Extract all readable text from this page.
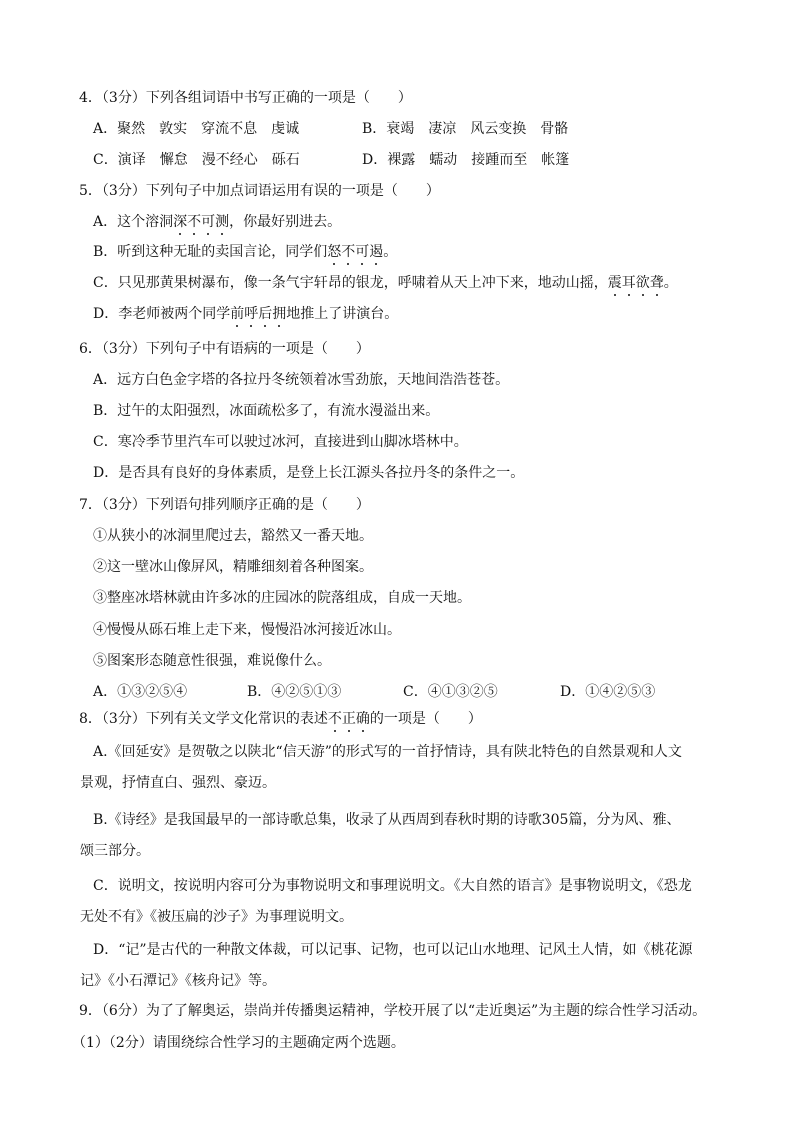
4．（3分）下列各组词语中书写正确的一项是（　　）
A．聚然　敦实　穿流不息　虔诚	B．衰竭　凄凉　风云变换　骨骼
C．演译　懈怠　漫不经心　砾石	D．裸露　蠕动　接踵而至　帐篷
5．（3分）下列句子中加点词语运用有误的一项是（　　）
A．这个溶洞深不可测，你最好别进去。
B．听到这种无耻的卖国言论，同学们怒不可遏。
C．只见那黄果树瀑布，像一条气宇轩昂的银龙，呼啸着从天上冲下来，地动山摇，震耳欲聋。
D．李老师被两个同学前呼后拥地推上了讲演台。
6．（3分）下列句子中有语病的一项是（　　）
A．远方白色金字塔的各拉丹冬统领着冰雪劲旅，天地间浩浩苍苍。
B．过午的太阳强烈，冰面疏松多了，有流水漫溢出来。
C．寒冷季节里汽车可以驶过冰河，直接进到山脚冰塔林中。
D．是否具有良好的身体素质，是登上长江源头各拉丹冬的条件之一。
7．（3分）下列语句排列顺序正确的是（　　）
①从狭小的冰洞里爬过去，豁然又一番天地。
②这一壁冰山像屏风，精雕细刻着各种图案。
③整座冰塔林就由许多冰的庄园冰的院落组成，自成一天地。
④慢慢从砾石堆上走下来，慢慢沿冰河接近冰山。
⑤图案形态随意性很强，难说像什么。
A．①③②⑤④	B．④②⑤①③	C．④①③②⑤	D．①④②⑤③
8．（3分）下列有关文学文化常识的表述不正确的一项是（　　）
A.《回延安》是贺敬之以陕北“信天游”的形式写的一首抒情诗，具有陕北特色的自然景观和人文
景观，抒情直白、强烈、豪迈。
B.《诗经》是我国最早的一部诗歌总集，收录了从西周到春秋时期的诗歌305篇，分为风、雅、
颂三部分。
C．说明文，按说明内容可分为事物说明文和事理说明文。《大自然的语言》是事物说明文，《恐龙
无处不有》《被压扁的沙子》为事理说明文。
D．“记”是古代的一种散文体裁，可以记事、记物，也可以记山水地理、记风土人情，如《桃花源
记》《小石潭记》《核舟记》等。
9．（6分）为了了解奥运，崇尚并传播奥运精神，学校开展了以“走近奥运”为主题的综合性学习活动。
（1）（2分）请围绕综合性学习的主题确定两个选题。
